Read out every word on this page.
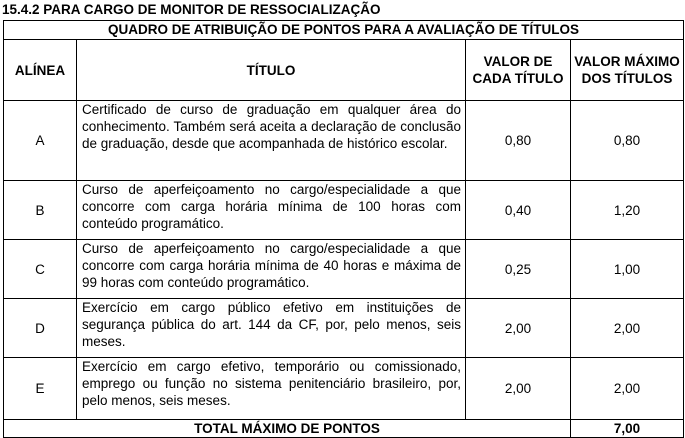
15.4.2 PARA CARGO DE MONITOR DE RESSOCIALIZAÇÃO
QUADRO DE ATRIBUIÇÃO DE PONTOS PARA A AVALIAÇÃO DE TÍTULOS			
ALÍNEA	TÍTULO	VALOR DE CADA TÍTULO	VALOR MÁXIMO DOS TÍTULOS
A	Certificado de curso de graduação em qualquer área do conhecimento. Também será aceita a declaração de conclusão de graduação, desde que acompanhada de histórico escolar.	0,80	0,80
B	Curso de aperfeiçoamento no cargo/especialidade a que concorre com carga horária mínima de 100 horas com conteúdo programático.	0,40	1,20
C	Curso de aperfeiçoamento no cargo/especialidade a que concorre com carga horária mínima de 40 horas e máxima de 99 horas com conteúdo programático.	0,25	1,00
D	Exercício em cargo público efetivo em instituições de segurança pública do art. 144 da CF, por, pelo menos, seis meses.	2,00	2,00
E	Exercício em cargo efetivo, temporário ou comissionado, emprego ou função no sistema penitenciário brasileiro, por, pelo menos, seis meses.	2,00	2,00
TOTAL MÁXIMO DE PONTOS			7,00
